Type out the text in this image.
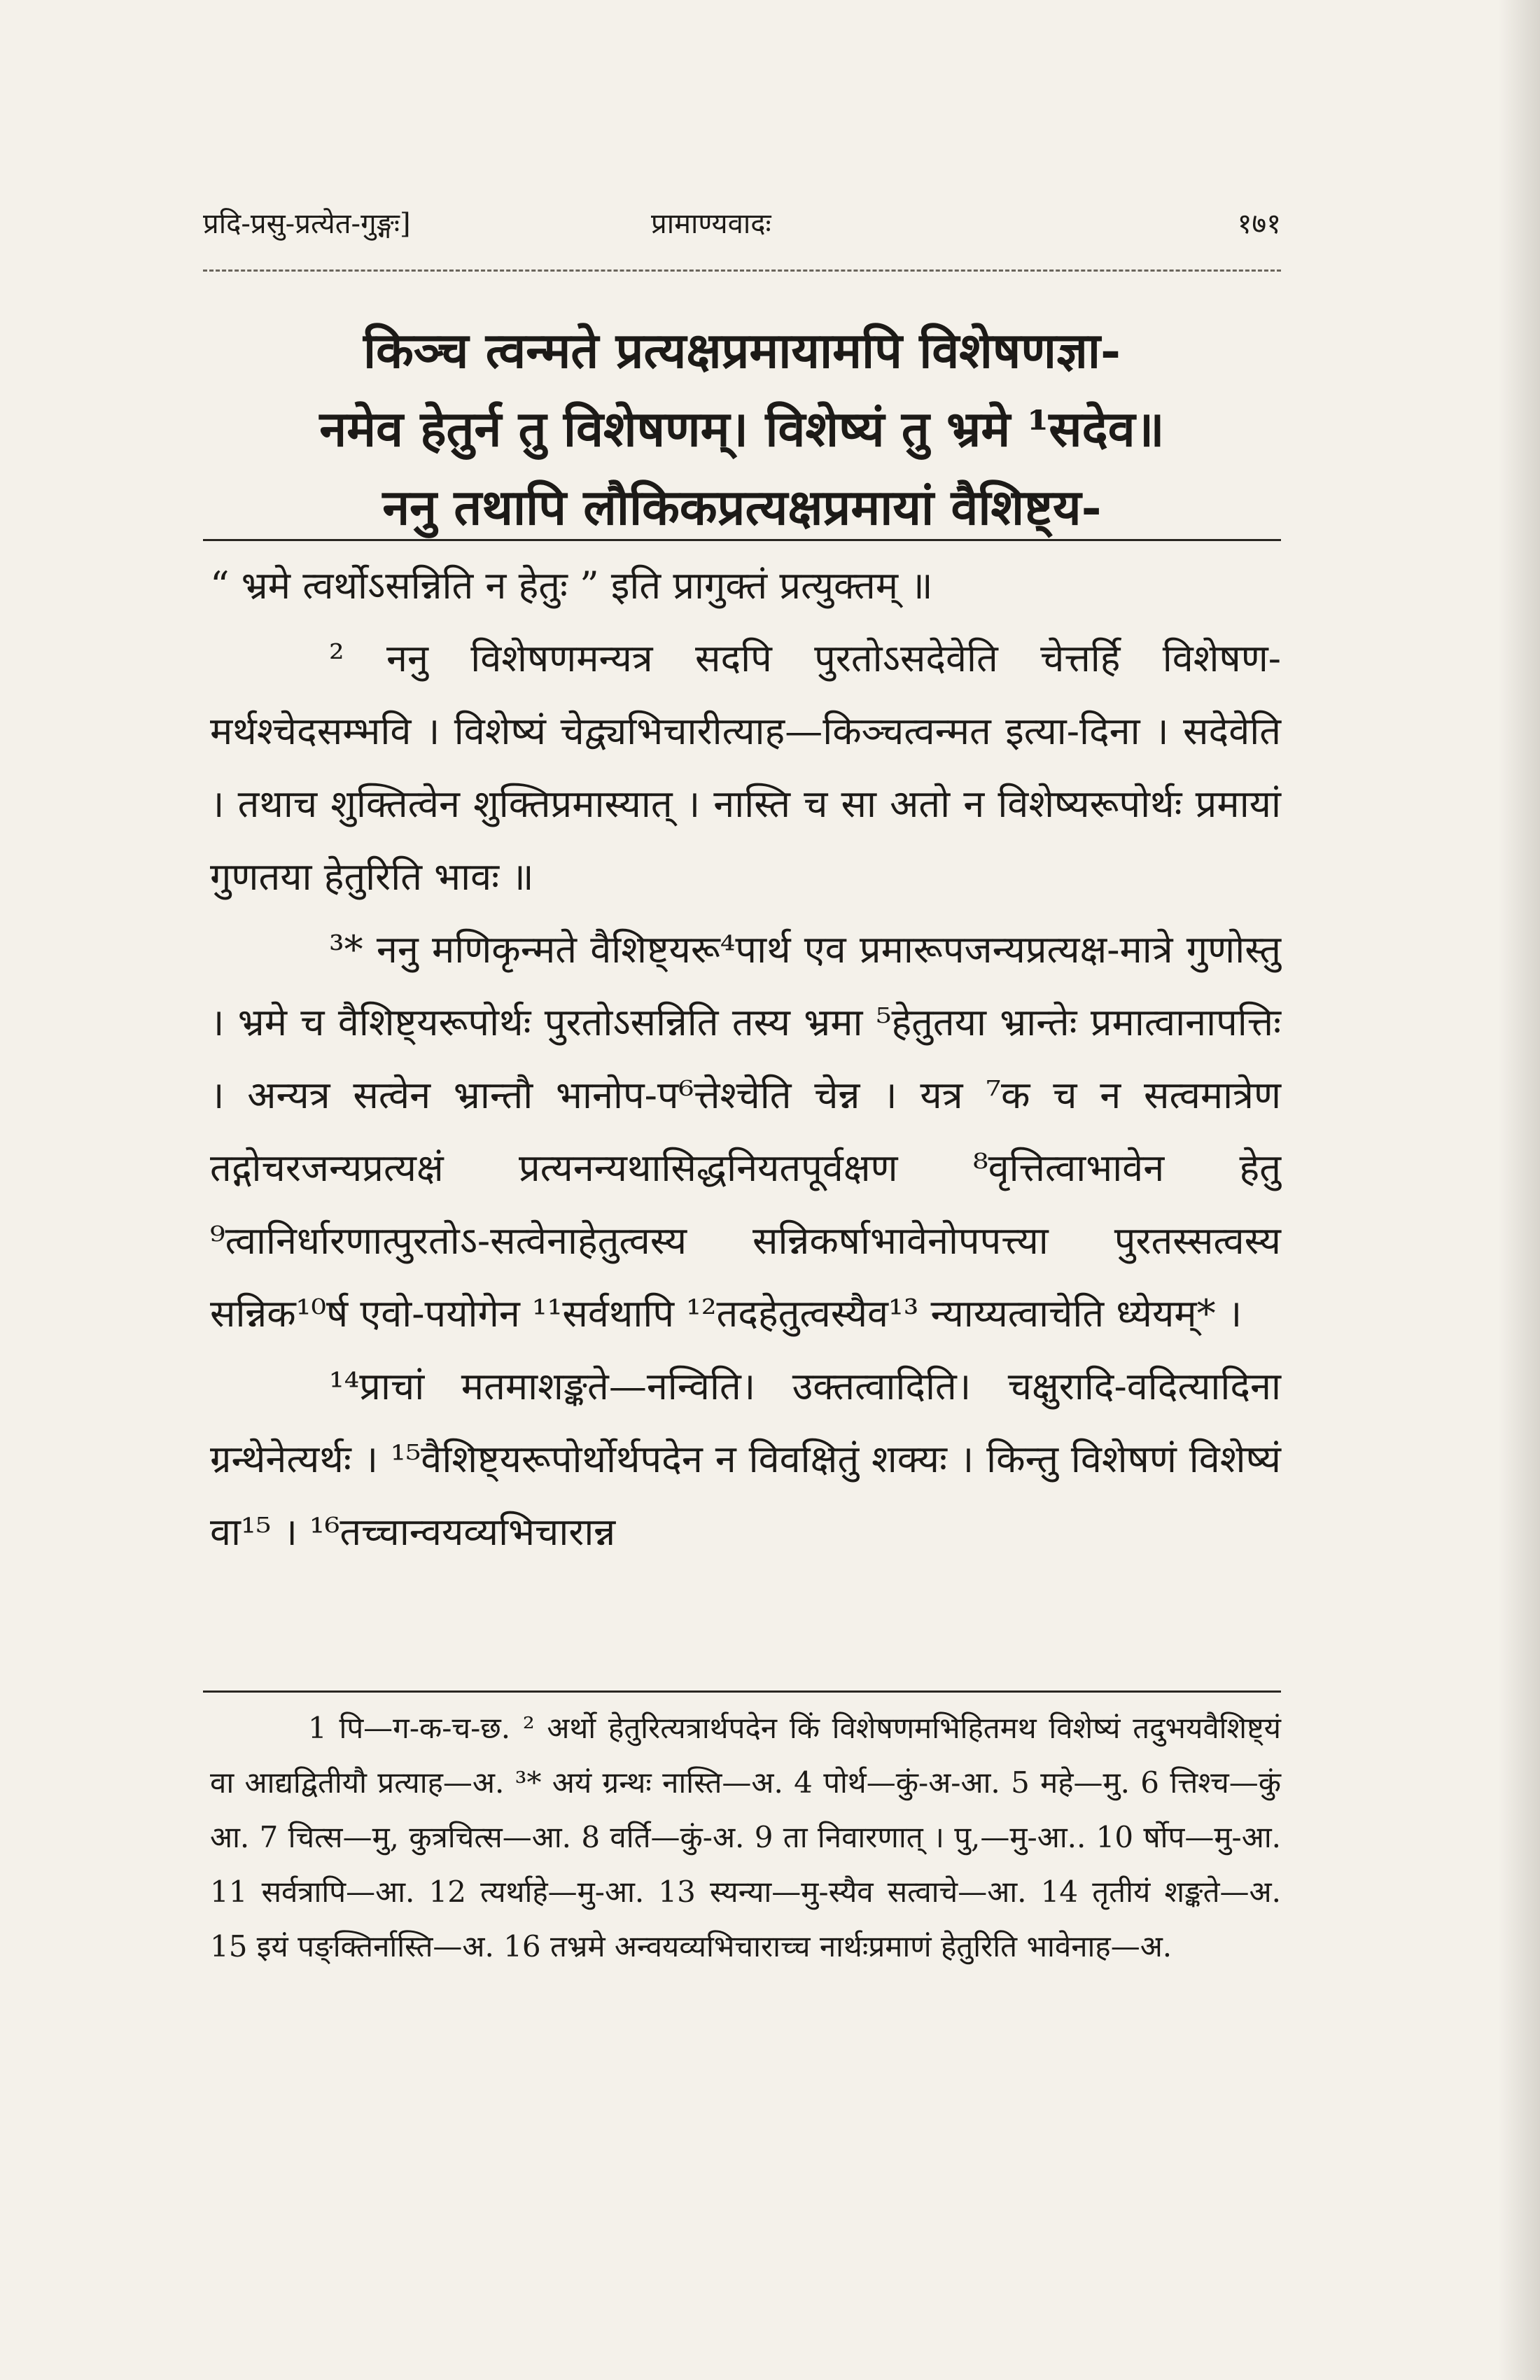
प्रदि-प्रसु-प्रत्येत-गुङ्गः]	प्रामाण्यवादः	१७१
किञ्च त्वन्मते प्रत्यक्षप्रमायामपि विशेषणज्ञा-
नमेव हेतुर्न तु विशेषणम्। विशेष्यं तु भ्रमे ¹सदेव॥
ननु तथापि लौकिकप्रत्यक्षप्रमायां वैशिष्ट्य-

“ भ्रमे त्वर्थोऽसन्निति न हेतुः ” इति प्रागुक्तं प्रत्युक्तम् ॥

² ननु विशेषणमन्यत्र सदपि पुरतोऽसदेवेति चेत्तर्हि विशेषण-मर्थश्चेदसम्भवि । विशेष्यं चेद्व्यभिचारीत्याह—किञ्चत्वन्मत इत्या-दिना । सदेवेति । तथाच शुक्तित्वेन शुक्तिप्रमास्यात् । नास्ति च सा अतो न विशेष्यरूपोर्थः प्रमायां गुणतया हेतुरिति भावः ॥

³* ननु मणिकृन्मते वैशिष्ट्यरू⁴पार्थ एव प्रमारूपजन्यप्रत्यक्ष-मात्रे गुणोस्तु । भ्रमे च वैशिष्ट्यरूपोर्थः पुरतोऽसन्निति तस्य भ्रमा ⁵हेतुतया भ्रान्तेः प्रमात्वानापत्तिः । अन्यत्र सत्वेन भ्रान्तौ भानोप-प⁶त्तेश्चेति चेन्न । यत्र ⁷क च न सत्वमात्रेण तद्गोचरजन्यप्रत्यक्षं प्रत्यनन्यथासिद्धनियतपूर्वक्षण ⁸वृत्तित्वाभावेन हेतु ⁹त्वानिर्धारणात्पुरतोऽ-सत्वेनाहेतुत्वस्य सन्निकर्षाभावेनोपपत्त्या पुरतस्सत्वस्य सन्निक¹⁰र्ष एवो-पयोगेन ¹¹सर्वथापि ¹²तदहेतुत्वस्यैव¹³ न्याय्यत्वाचेति ध्येयम्* ।

¹⁴प्राचां मतमाशङ्कते—नन्विति। उक्तत्वादिति। चक्षुरादि-वदित्यादिना ग्रन्थेनेत्यर्थः । ¹⁵वैशिष्ट्यरूपोर्थोर्थपदेन न विवक्षितुं शक्यः । किन्तु विशेषणं विशेष्यं वा¹⁵ । ¹⁶तच्चान्वयव्यभिचारान्न

1 पि—ग-क-च-छ. ² अर्थो हेतुरित्यत्रार्थपदेन किं विशेषणमभिहितमथ विशेष्यं तदुभयवैशिष्ट्यं वा आद्यद्वितीयौ प्रत्याह—अ. ³* अयं ग्रन्थः नास्ति—अ. 4 पोर्थ—कुं-अ-आ. 5 महे—मु. 6 त्तिश्च—कुं आ. 7 चित्स—मु, कुत्रचित्स—आ. 8 वर्ति—कुं-अ. 9 ता निवारणात् । पु,—मु-आ.. 10 र्षोप—मु-आ. 11 सर्वत्रापि—आ. 12 त्यर्थाहे—मु-आ. 13 स्यन्या—मु-स्यैव सत्वाचे—आ. 14 तृतीयं शङ्कते—अ. 15 इयं पङ्क्तिर्नास्ति—अ. 16 तभ्रमे अन्वयव्यभिचाराच्च नार्थःप्रमाणं हेतुरिति भावेनाह—अ.
